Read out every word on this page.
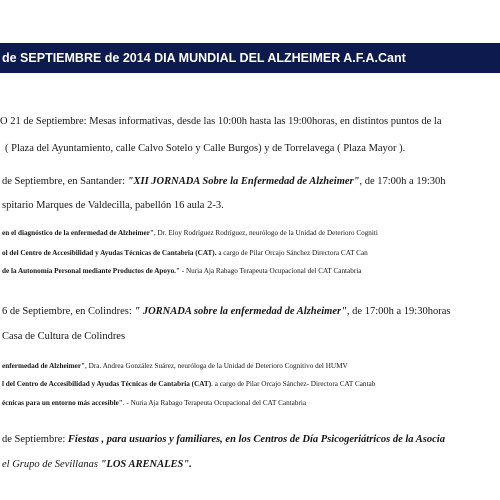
de SEPTIEMBRE de 2014 DIA MUNDIAL DEL ALZHEIMER A.F.A.Cant
O 21 de Septiembre: Mesas informativas, desde las 10:00h hasta las 19:00horas, en distintos puntos de la
( Plaza del Ayuntamiento, calle Calvo Sotelo y Calle Burgos) y de Torrelavega ( Plaza Mayor ).
de Septiembre, en Santander: "XII JORNADA Sobre la Enfermedad de Alzheimer", de 17:00h a 19:30h
spitario Marques de Valdecilla, pabellón 16 aula 2-3.
en el diagnóstico de la enfermedad de Alzheimer", Dr. Eloy Rodríguez Rodríguez, neurólogo de la Unidad de Deterioro Cogniti
ol del Centro de Accesibilidad y Ayudas Técnicas de Cantabria (CAT). a cargo de Pilar Orcajo Sánchez Directora CAT Can
de la Autonomía Personal mediante Productos de Apoyo." - Nuria Aja Rabago Terapeuta Ocupacional del CAT Cantabria
6 de Septiembre, en Colindres: " JORNADA sobre la enfermedad de Alzheimer", de 17:00h a 19:30horas
Casa de Cultura de Colindres
enfermedad de Alzheimer", Dra. Andrea González Suárez, neuróloga de la Unidad de Deterioro Cognitivo del HUMV
l del Centro de Accesibilidad y Ayudas Técnicas de Cantabria (CAT). a cargo de Pilar Orcajo Sánchez- Directora CAT Cantab
écnicas para un entorno más accesible". - Nuria Aja Rabago Terapeuta Ocupacional del CAT Cantabria
de Septiembre: Fiestas , para usuarios y familiares, en los Centros de Día Psicogeriátricos de la Asocia
el Grupo de Sevillanas "LOS ARENALES".
